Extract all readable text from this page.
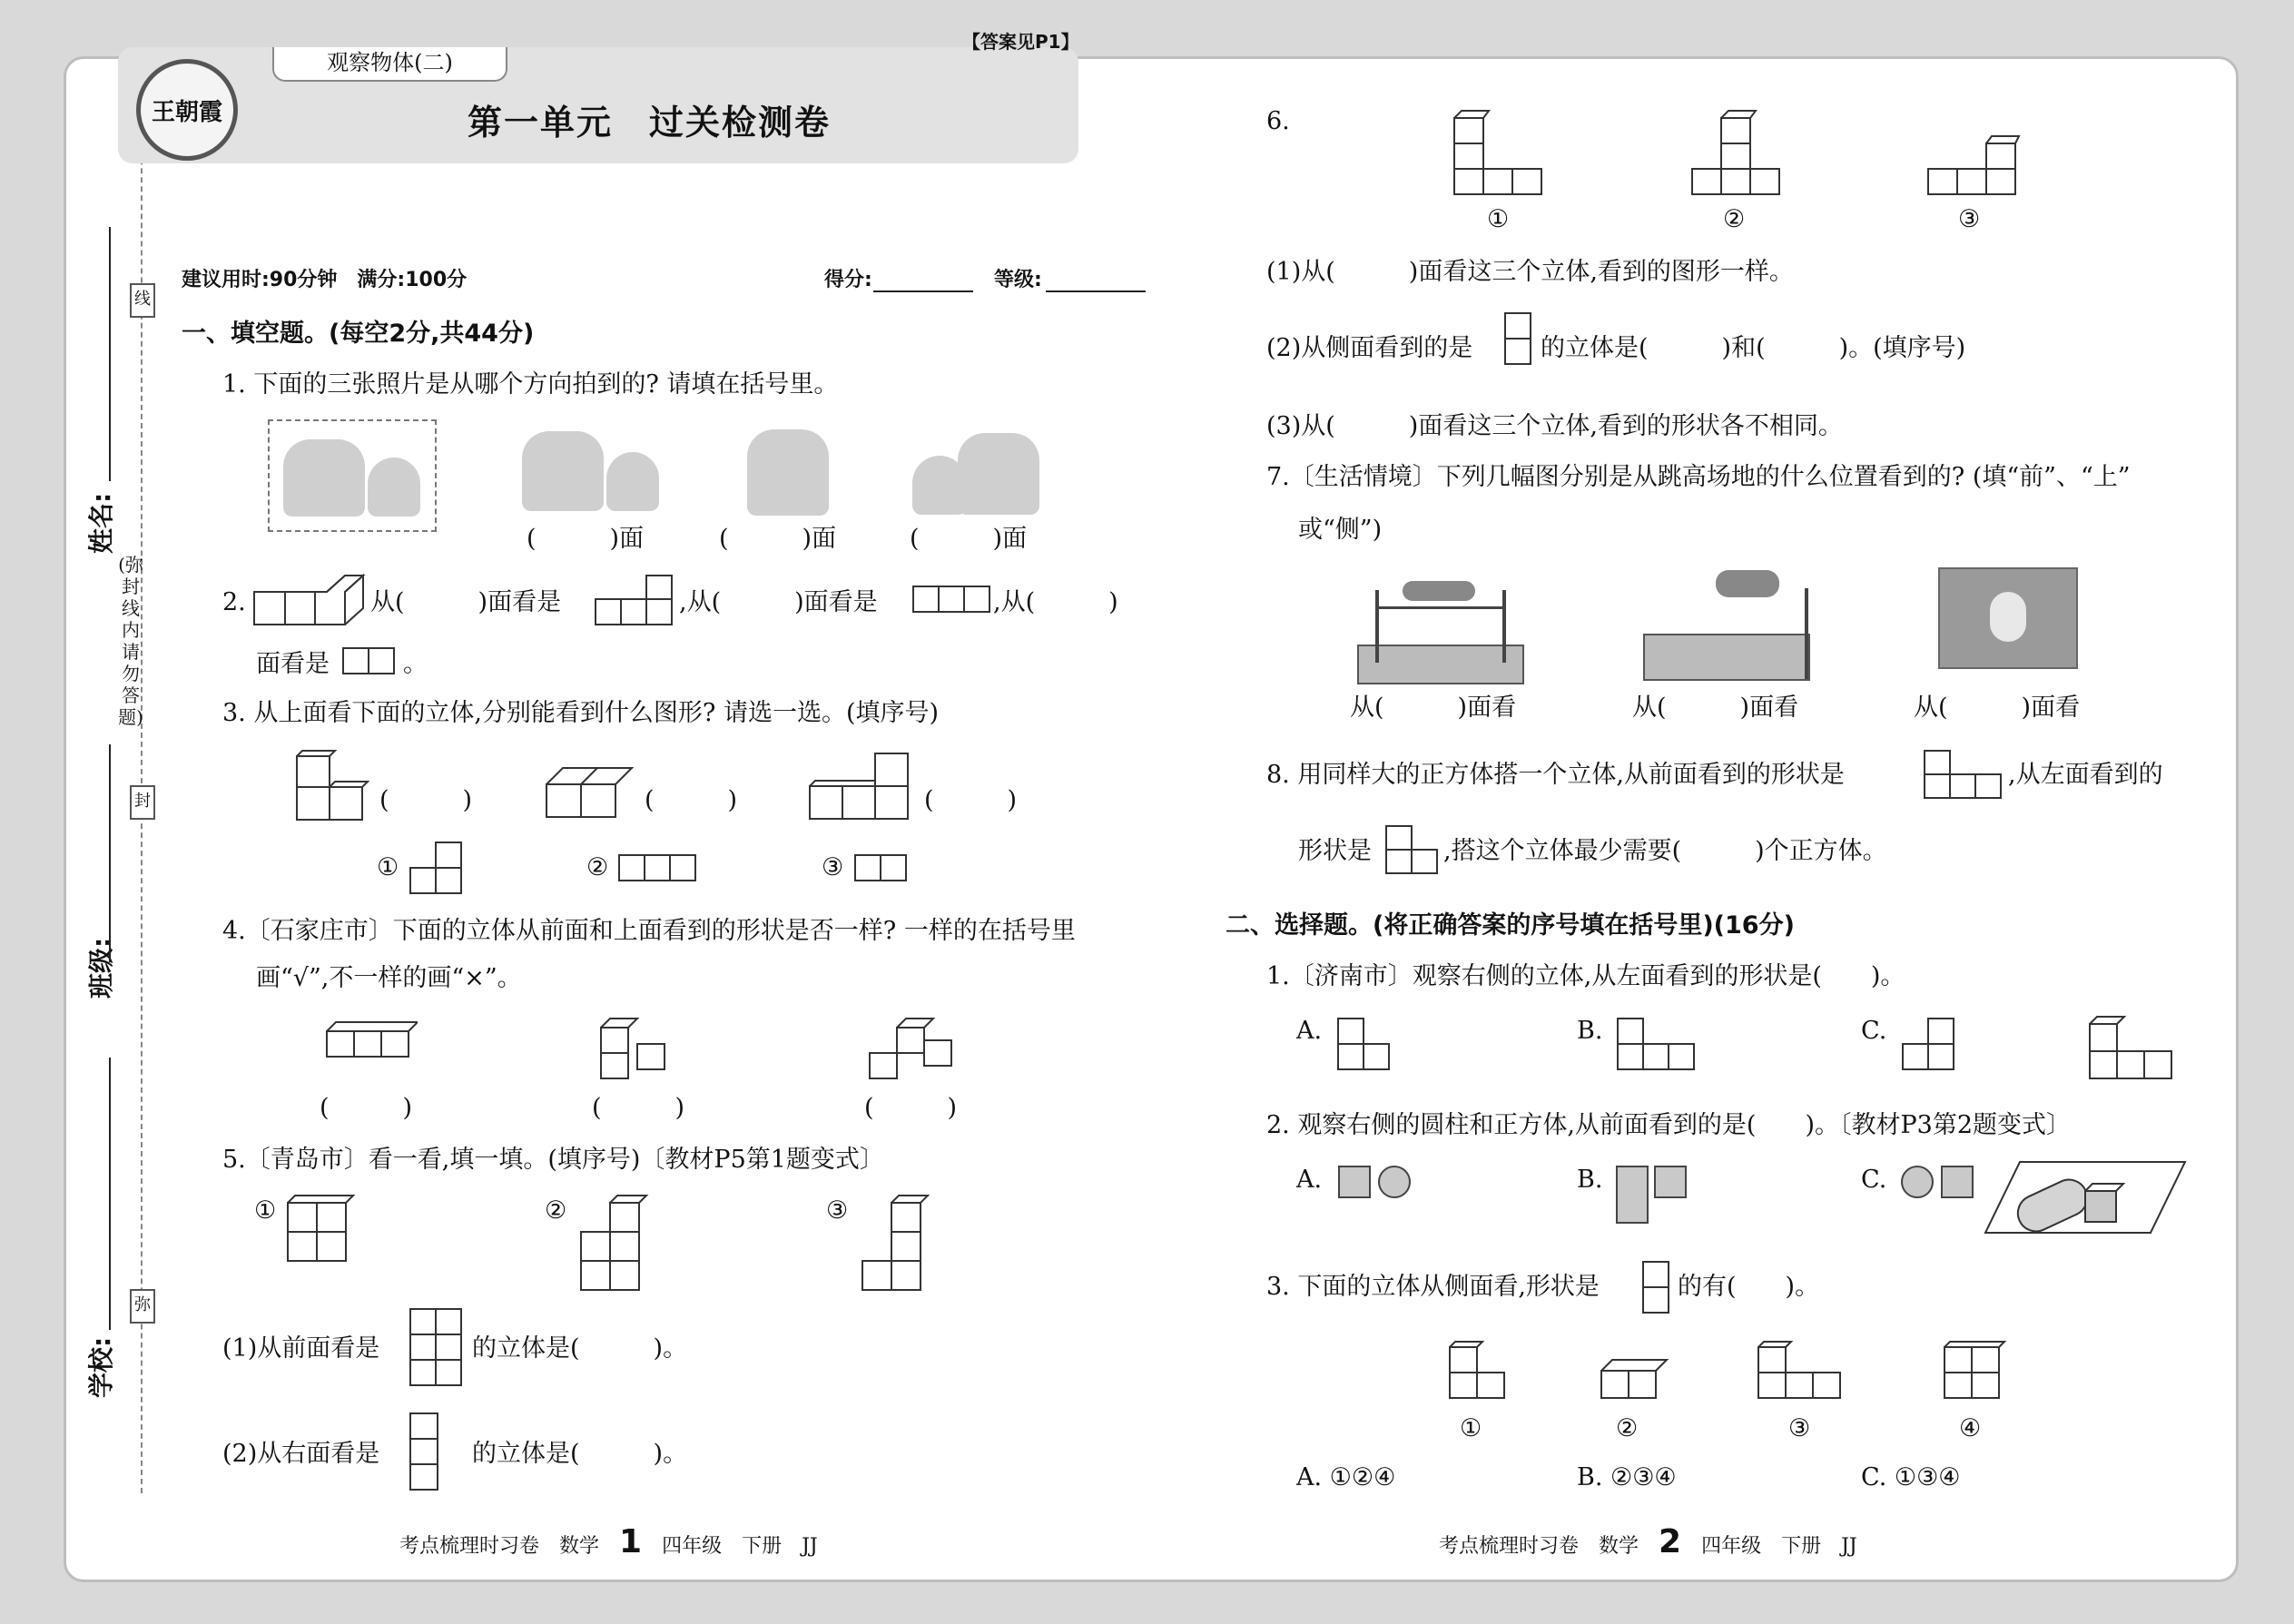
姓名:
班级:
学校:
线
封
弥
(弥封线内请勿答题)
观察物体(二)
【答案见P1】
王朝霞	第一单元　过关检测卷
建议用时:90分钟　满分:100分	得分:	等级:
一、填空题。(每空2分,共44分)
1. 下面的三张照片是从哪个方向拍到的? 请填在括号里。
(　　　)面	(　　　)面	(　　　)面
2.	从(　　　)面看是	,从(　　　)面看是	,从(　　　)
面看是	。
3. 从上面看下面的立体,分别能看到什么图形? 请选一选。(填序号)
(　　　)	(　　　)	(　　　)
①	②	③
4.〔石家庄市〕下面的立体从前面和上面看到的形状是否一样? 一样的在括号里
画“√”,不一样的画“×”。
(　　　)	(　　　)	(　　　)
5.〔青岛市〕看一看,填一填。(填序号)〔教材P5第1题变式〕
①	②	③
(1)从前面看是	的立体是(　　　)。
(2)从右面看是	的立体是(　　　)。
考点梳理时习卷　数学　 1　 四年级　下册　JJ
6.
①	②	③
(1)从(　　　)面看这三个立体,看到的图形一样。
(2)从侧面看到的是	的立体是(　　　)和(　　　)。(填序号)
(3)从(　　　)面看这三个立体,看到的形状各不相同。
7.〔生活情境〕下列几幅图分别是从跳高场地的什么位置看到的? (填“前”、“上”
或“侧”)
从(　　　)面看	从(　　　)面看	从(　　　)面看
8. 用同样大的正方体搭一个立体,从前面看到的形状是	,从左面看到的
形状是	,搭这个立体最少需要(　　　)个正方体。
二、选择题。(将正确答案的序号填在括号里)(16分)
1.〔济南市〕观察右侧的立体,从左面看到的形状是(　　)。
A.	B.	C.
2. 观察右侧的圆柱和正方体,从前面看到的是(　　)。〔教材P3第2题变式〕
A.	B.	C.
3. 下面的立体从侧面看,形状是	的有(　　)。
①	②	③	④
A. ①②④	B. ②③④	C. ①③④
考点梳理时习卷　数学　 2　 四年级　下册　JJ
